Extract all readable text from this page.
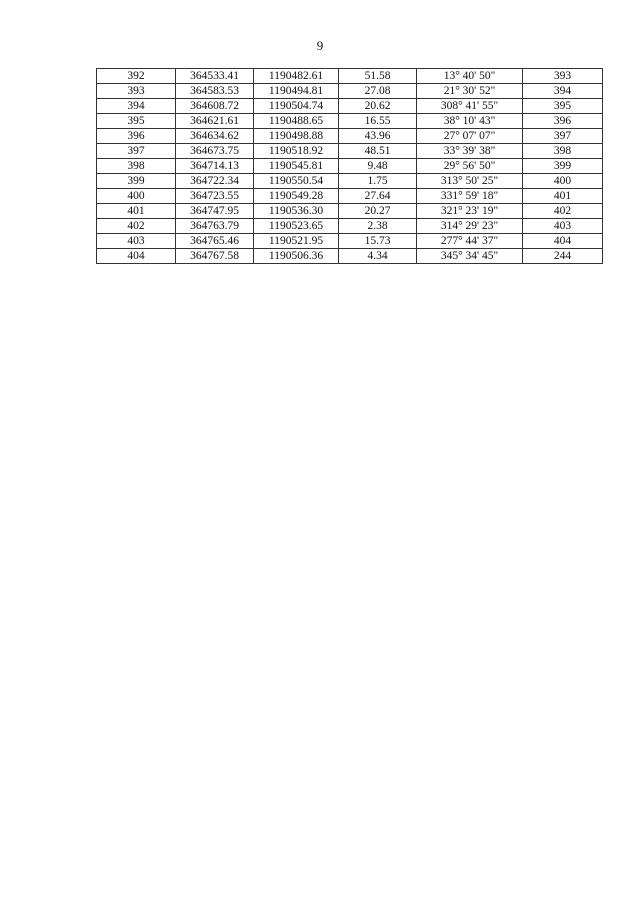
9
392	364533.41	1190482.61	51.58	13° 40' 50"	393
393	364583.53	1190494.81	27.08	21° 30' 52"	394
394	364608.72	1190504.74	20.62	308° 41' 55"	395
395	364621.61	1190488.65	16.55	38° 10' 43"	396
396	364634.62	1190498.88	43.96	27° 07' 07"	397
397	364673.75	1190518.92	48.51	33° 39' 38"	398
398	364714.13	1190545.81	9.48	29° 56' 50"	399
399	364722.34	1190550.54	1.75	313° 50' 25"	400
400	364723.55	1190549.28	27.64	331° 59' 18"	401
401	364747.95	1190536.30	20.27	321° 23' 19"	402
402	364763.79	1190523.65	2.38	314° 29' 23"	403
403	364765.46	1190521.95	15.73	277° 44' 37"	404
404	364767.58	1190506.36	4.34	345° 34' 45"	244
